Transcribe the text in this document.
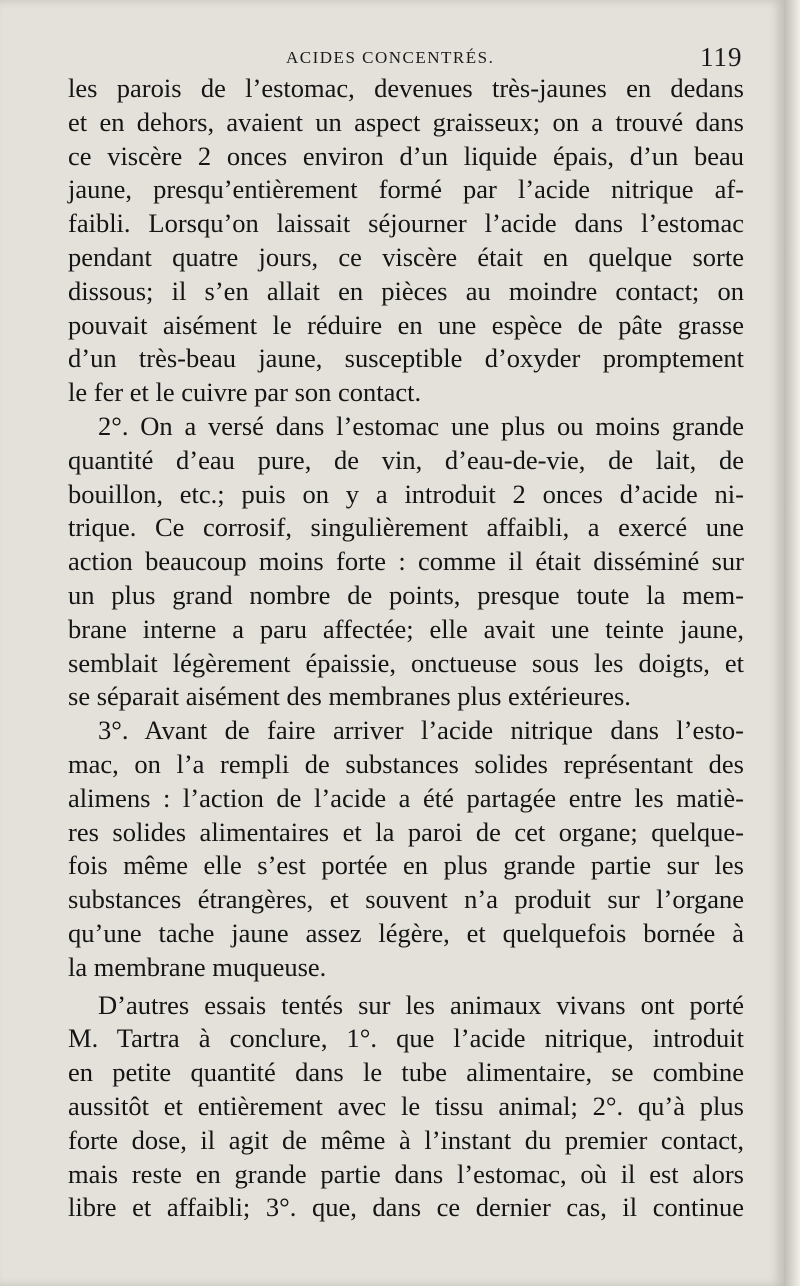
ACIDES CONCENTRÉS.	119
les parois de l’estomac, devenues très-jaunes en dedans
et en dehors, avaient un aspect graisseux; on a trouvé dans
ce viscère 2 onces environ d’un liquide épais, d’un beau
jaune, presqu’entièrement formé par l’acide nitrique af-
faibli. Lorsqu’on laissait séjourner l’acide dans l’estomac
pendant quatre jours, ce viscère était en quelque sorte
dissous; il s’en allait en pièces au moindre contact; on
pouvait aisément le réduire en une espèce de pâte grasse
d’un très-beau jaune, susceptible d’oxyder promptement
le fer et le cuivre par son contact.
2°. On a versé dans l’estomac une plus ou moins grande
quantité d’eau pure, de vin, d’eau-de-vie, de lait, de
bouillon, etc.; puis on y a introduit 2 onces d’acide ni-
trique. Ce corrosif, singulièrement affaibli, a exercé une
action beaucoup moins forte : comme il était disséminé sur
un plus grand nombre de points, presque toute la mem-
brane interne a paru affectée; elle avait une teinte jaune,
semblait légèrement épaissie, onctueuse sous les doigts, et
se séparait aisément des membranes plus extérieures.
3°. Avant de faire arriver l’acide nitrique dans l’esto-
mac, on l’a rempli de substances solides représentant des
alimens : l’action de l’acide a été partagée entre les matiè-
res solides alimentaires et la paroi de cet organe; quelque-
fois même elle s’est portée en plus grande partie sur les
substances étrangères, et souvent n’a produit sur l’organe
qu’une tache jaune assez légère, et quelquefois bornée à
la membrane muqueuse.
D’autres essais tentés sur les animaux vivans ont porté
M. Tartra à conclure, 1°. que l’acide nitrique, introduit
en petite quantité dans le tube alimentaire, se combine
aussitôt et entièrement avec le tissu animal; 2°. qu’à plus
forte dose, il agit de même à l’instant du premier contact,
mais reste en grande partie dans l’estomac, où il est alors
libre et affaibli; 3°. que, dans ce dernier cas, il continue
